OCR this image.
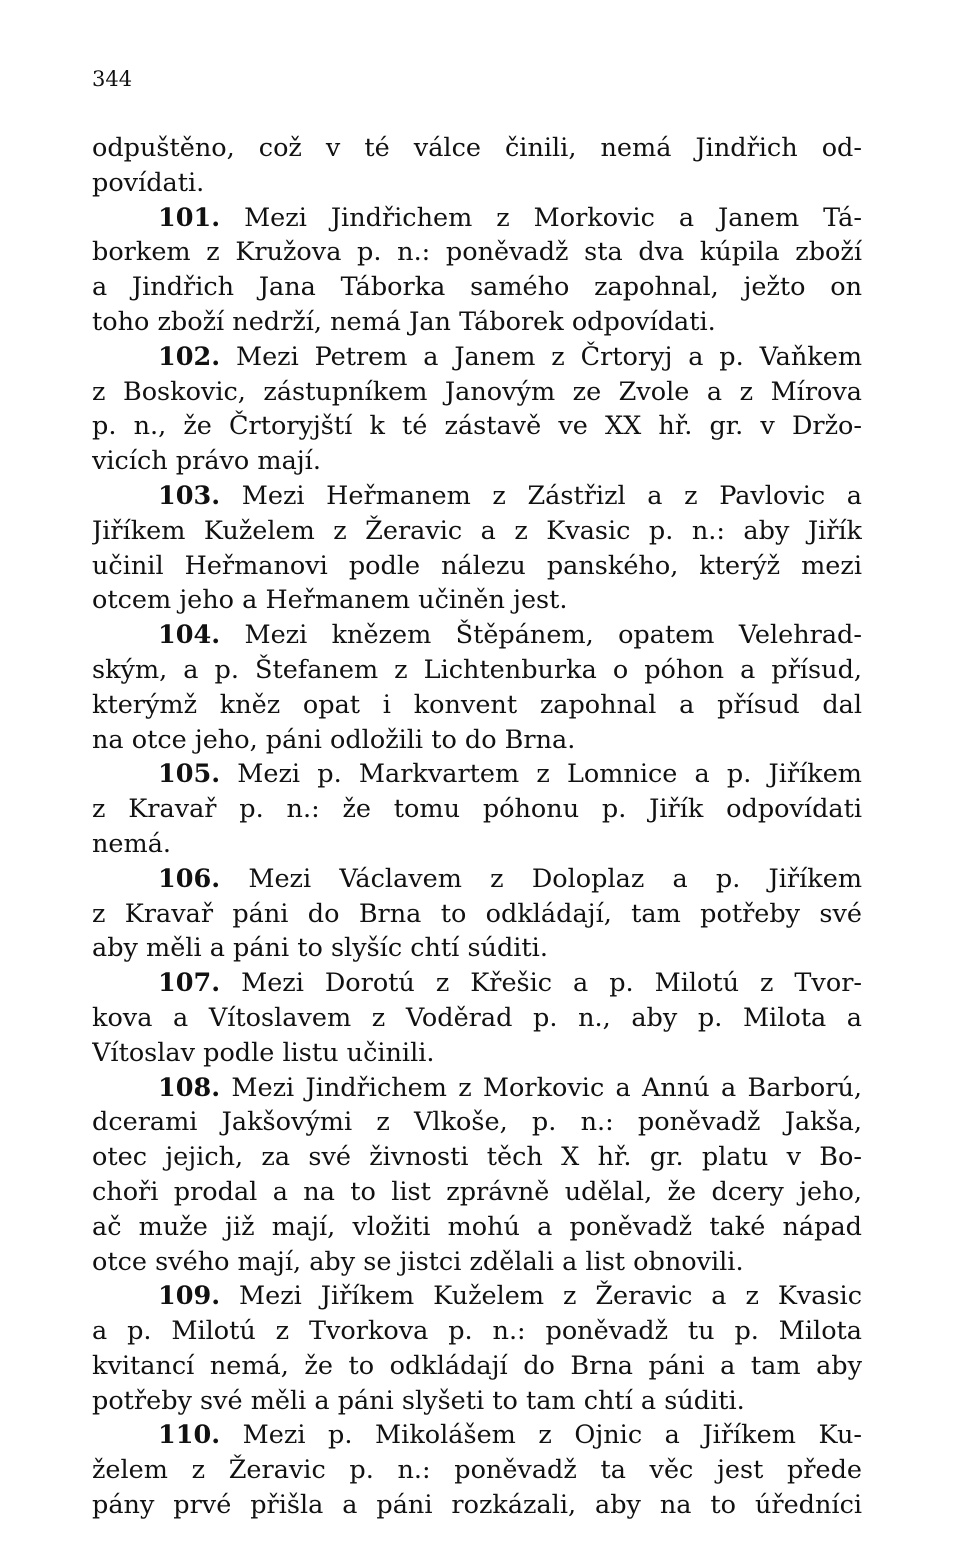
344
odpuštěno, což v té válce činili, nemá Jindřich od-
povídati.
101. Mezi Jindřichem z Morkovic a Janem Tá-
borkem z Kružova p. n.: poněvadž sta dva kúpila zboží
a Jindřich Jana Táborka samého zapohnal, ježto on
toho zboží nedrží, nemá Jan Táborek odpovídati.
102. Mezi Petrem a Janem z Črtoryj a p. Vaňkem
z Boskovic, zástupníkem Janovým ze Zvole a z Mírova
p. n., že Črtoryjští k té zástavě ve XX hř. gr. v Držo-
vicích právo mají.
103. Mezi Heřmanem z Zástřizl a z Pavlovic a
Jiříkem Kuželem z Žeravic a z Kvasic p. n.: aby Jiřík
učinil Heřmanovi podle nálezu panského, kterýž mezi
otcem jeho a Heřmanem učiněn jest.
104. Mezi knězem Štěpánem, opatem Velehrad-
ským, a p. Štefanem z Lichtenburka o póhon a přísud,
kterýmž kněz opat i konvent zapohnal a přísud dal
na otce jeho, páni odložili to do Brna.
105. Mezi p. Markvartem z Lomnice a p. Jiříkem
z Kravař p. n.: že tomu póhonu p. Jiřík odpovídati
nemá.
106. Mezi Václavem z Doloplaz a p. Jiříkem
z Kravař páni do Brna to odkládají, tam potřeby své
aby měli a páni to slyšíc chtí súditi.
107. Mezi Dorotú z Křešic a p. Milotú z Tvor-
kova a Vítoslavem z Voděrad p. n., aby p. Milota a
Vítoslav podle listu učinili.
108. Mezi Jindřichem z Morkovic a Annú a Barború,
dcerami Jakšovými z Vlkoše, p. n.: poněvadž Jakša,
otec jejich, za své živnosti těch X hř. gr. platu v Bo-
choři prodal a na to list zprávně udělal, že dcery jeho,
ač muže již mají, vložiti mohú a poněvadž také nápad
otce svého mají, aby se jistci zdělali a list obnovili.
109. Mezi Jiříkem Kuželem z Žeravic a z Kvasic
a p. Milotú z Tvorkova p. n.: poněvadž tu p. Milota
kvitancí nemá, že to odkládají do Brna páni a tam aby
potřeby své měli a páni slyšeti to tam chtí a súditi.
110. Mezi p. Mikolášem z Ojnic a Jiříkem Ku-
želem z Žeravic p. n.: poněvadž ta věc jest přede
pány prvé přišla a páni rozkázali, aby na to úředníci
